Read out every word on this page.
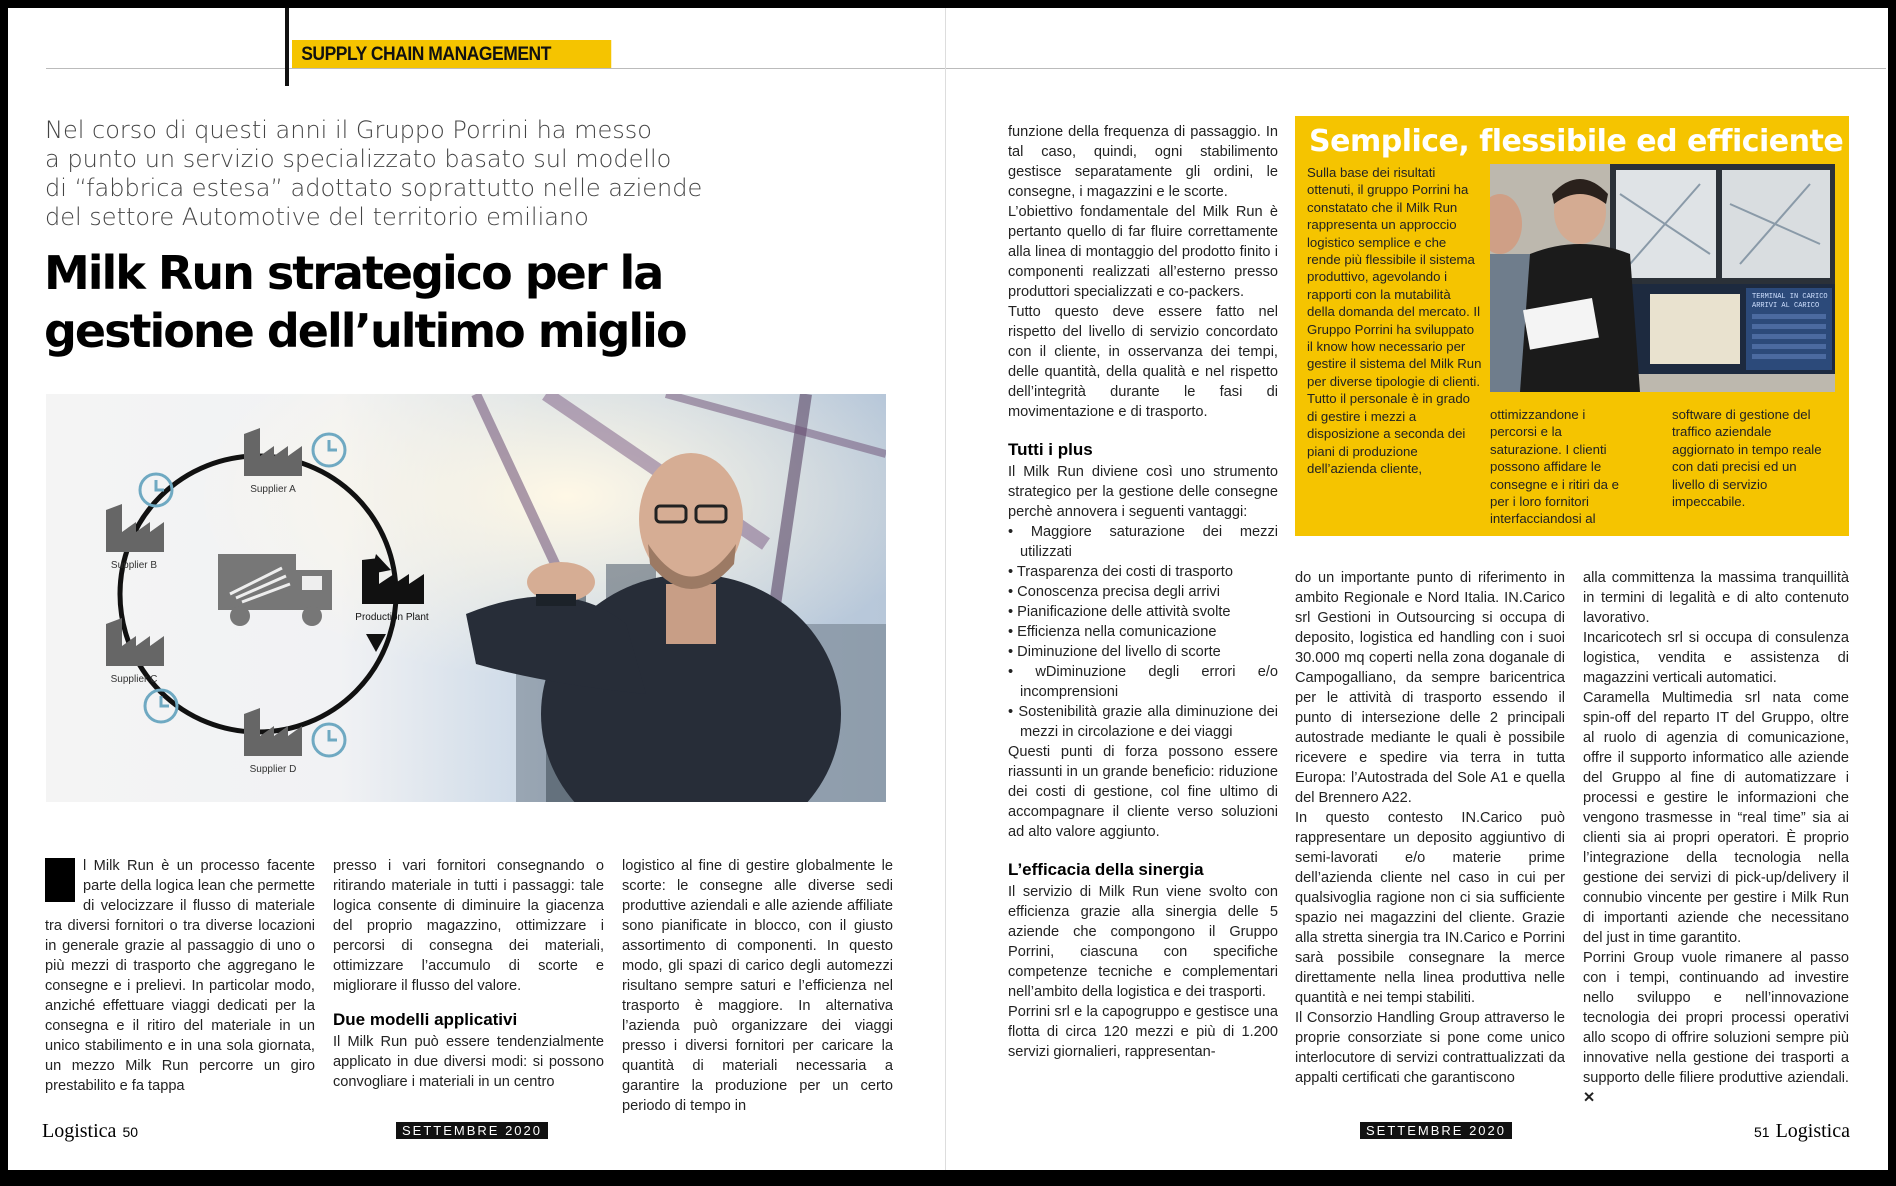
SUPPLY CHAIN MANAGEMENT
Nel corso di questi anni il Gruppo Porrini ha messo
a punto un servizio specializzato basato sul modello
di “fabbrica estesa” adottato soprattutto nelle aziende
del settore Automotive del territorio emiliano
Milk Run strategico per la
gestione dell’ultimo miglio
Supplier A
Supplier B
Supplier C
Supplier D
Production Plant

l Milk Run è un processo facente parte della logica lean che permette di velocizzare il flusso di materiale tra diversi fornitori o tra diverse locazioni in generale grazie al passaggio di uno o più mezzi di trasporto che aggregano le consegne e i prelievi. In particolar modo, anziché effettuare viaggi dedicati per la consegna e il ritiro del materiale in un unico stabilimento e in una sola giornata, un mezzo Milk Run percorre un giro prestabilito e fa tappa

presso i vari fornitori consegnando o ritirando materiale in tutti i passaggi: tale logica consente di diminuire la giacenza del proprio magazzino, ottimizzare i percorsi di consegna dei materiali, ottimizzare l’accumulo di scorte e migliorare il flusso del valore.

Due modelli applicativi

Il Milk Run può essere tendenzialmente applicato in due diversi modi: si possono convogliare i materiali in un centro

logistico al fine di gestire globalmente le scorte: le consegne alle diverse sedi produttive aziendali e alle aziende affiliate sono pianificate in blocco, con il giusto assortimento di componenti. In questo modo, gli spazi di carico degli automezzi risultano sempre saturi e l’efficienza nel trasporto è maggiore. In alternativa l’azienda può organizzare dei viaggi presso i diversi fornitori per caricare la quantità di materiali necessaria a garantire la produzione per un certo periodo di tempo in

Logistica 50	SETTEMBRE 2020

funzione della frequenza di passaggio. In tal caso, quindi, ogni stabilimento gestisce separatamente gli ordini, le consegne, i magazzini e le scorte.

L’obiettivo fondamentale del Milk Run è pertanto quello di far fluire correttamente alla linea di montaggio del prodotto finito i componenti realizzati all’esterno presso produttori specializzati e co-packers.

Tutto questo deve essere fatto nel rispetto del livello di servizio concordato con il cliente, in osservanza dei tempi, delle quantità, della qualità e nel rispetto dell’integrità durante le fasi di movimentazione e di trasporto.

Tutti i plus

Il Milk Run diviene così uno strumento strategico per la gestione delle consegne perchè annovera i seguenti vantaggi:

• Maggiore saturazione dei mezzi utilizzati
• Trasparenza dei costi di trasporto
• Conoscenza precisa degli arrivi
• Pianificazione delle attività svolte
• Efficienza nella comunicazione
• Diminuzione del livello di scorte
• wDiminuzione degli errori e/o incomprensioni
• Sostenibilità grazie alla diminuzione dei mezzi in circolazione e dei viaggi

Questi punti di forza possono essere riassunti in un grande beneficio: riduzione dei costi di gestione, col fine ultimo di accompagnare il cliente verso soluzioni ad alto valore aggiunto.

L’efficacia della sinergia

Il servizio di Milk Run viene svolto con efficienza grazie alla sinergia delle 5 aziende che compongono il Gruppo Porrini, ciascuna con specifiche competenze tecniche e complementari nell’ambito della logistica e dei trasporti.

Porrini srl e la capogruppo e gestisce una flotta di circa 120 mezzi e più di 1.200 servizi giornalieri, rappresentan-

do un importante punto di riferimento in ambito Regionale e Nord Italia. IN.Carico srl Gestioni in Outsourcing si occupa di deposito, logistica ed handling con i suoi 30.000 mq coperti nella zona doganale di Campogalliano, da sempre baricentrica per le attività di trasporto essendo il punto di intersezione delle 2 principali autostrade mediante le quali è possibile ricevere e spedire via terra in tutta Europa: l’Autostrada del Sole A1 e quella del Brennero A22.

In questo contesto IN.Carico può rappresentare un deposito aggiuntivo di semi-lavorati e/o materie prime dell’azienda cliente nel caso in cui per qualsivoglia ragione non ci sia sufficiente spazio nei magazzini del cliente. Grazie alla stretta sinergia tra IN.Carico e Porrini sarà possibile consegnare la merce direttamente nella linea produttiva nelle quantità e nei tempi stabiliti.

Il Consorzio Handling Group attraverso le proprie consorziate si pone come unico interlocutore di servizi contrattualizzati da appalti certificati che garantiscono

alla committenza la massima tranquillità in termini di legalità e di alto contenuto lavorativo.

Incaricotech srl si occupa di consulenza logistica, vendita e assistenza di magazzini verticali automatici.

Caramella Multimedia srl nata come spin-off del reparto IT del Gruppo, oltre al ruolo di agenzia di comunicazione, offre il supporto informatico alle aziende del Gruppo al fine di automatizzare i processi e gestire le informazioni che vengono trasmesse in “real time” sia ai clienti sia ai propri operatori. È proprio l’integrazione della tecnologia nella gestione dei servizi di pick-up/delivery il connubio vincente per gestire i Milk Run di importanti aziende che necessitano del just in time garantito.

Porrini Group vuole rimanere al passo con i tempi, continuando ad investire nello sviluppo e nell’innovazione tecnologia dei propri processi operativi allo scopo di offrire soluzioni sempre più innovative nella gestione dei trasporti a supporto delle filiere produttive aziendali. ✕

Semplice, flessibile ed efficiente
Sulla base dei risultati ottenuti, il gruppo Porrini ha constatato che il Milk Run rappresenta un approccio logistico semplice e che rende più flessibile il sistema produttivo, agevolando i rapporti con la mutabilità della domanda del mercato. Il Gruppo Porrini ha sviluppato il know how necessario per gestire il sistema del Milk Run per diverse tipologie di clienti. Tutto il personale è in grado di gestire i mezzi a disposizione a seconda dei piani di produzione dell’azienda cliente,
TERMINAL IN CARICO
ARRIVI AL CARICO
ottimizzandone i percorsi e la saturazione. I clienti possono affidare le consegne e i ritiri da e per i loro fornitori interfacciandosi al
software di gestione del traffico aziendale aggiornato in tempo reale con dati precisi ed un livello di servizio impeccabile.
SETTEMBRE 2020	51 Logistica
